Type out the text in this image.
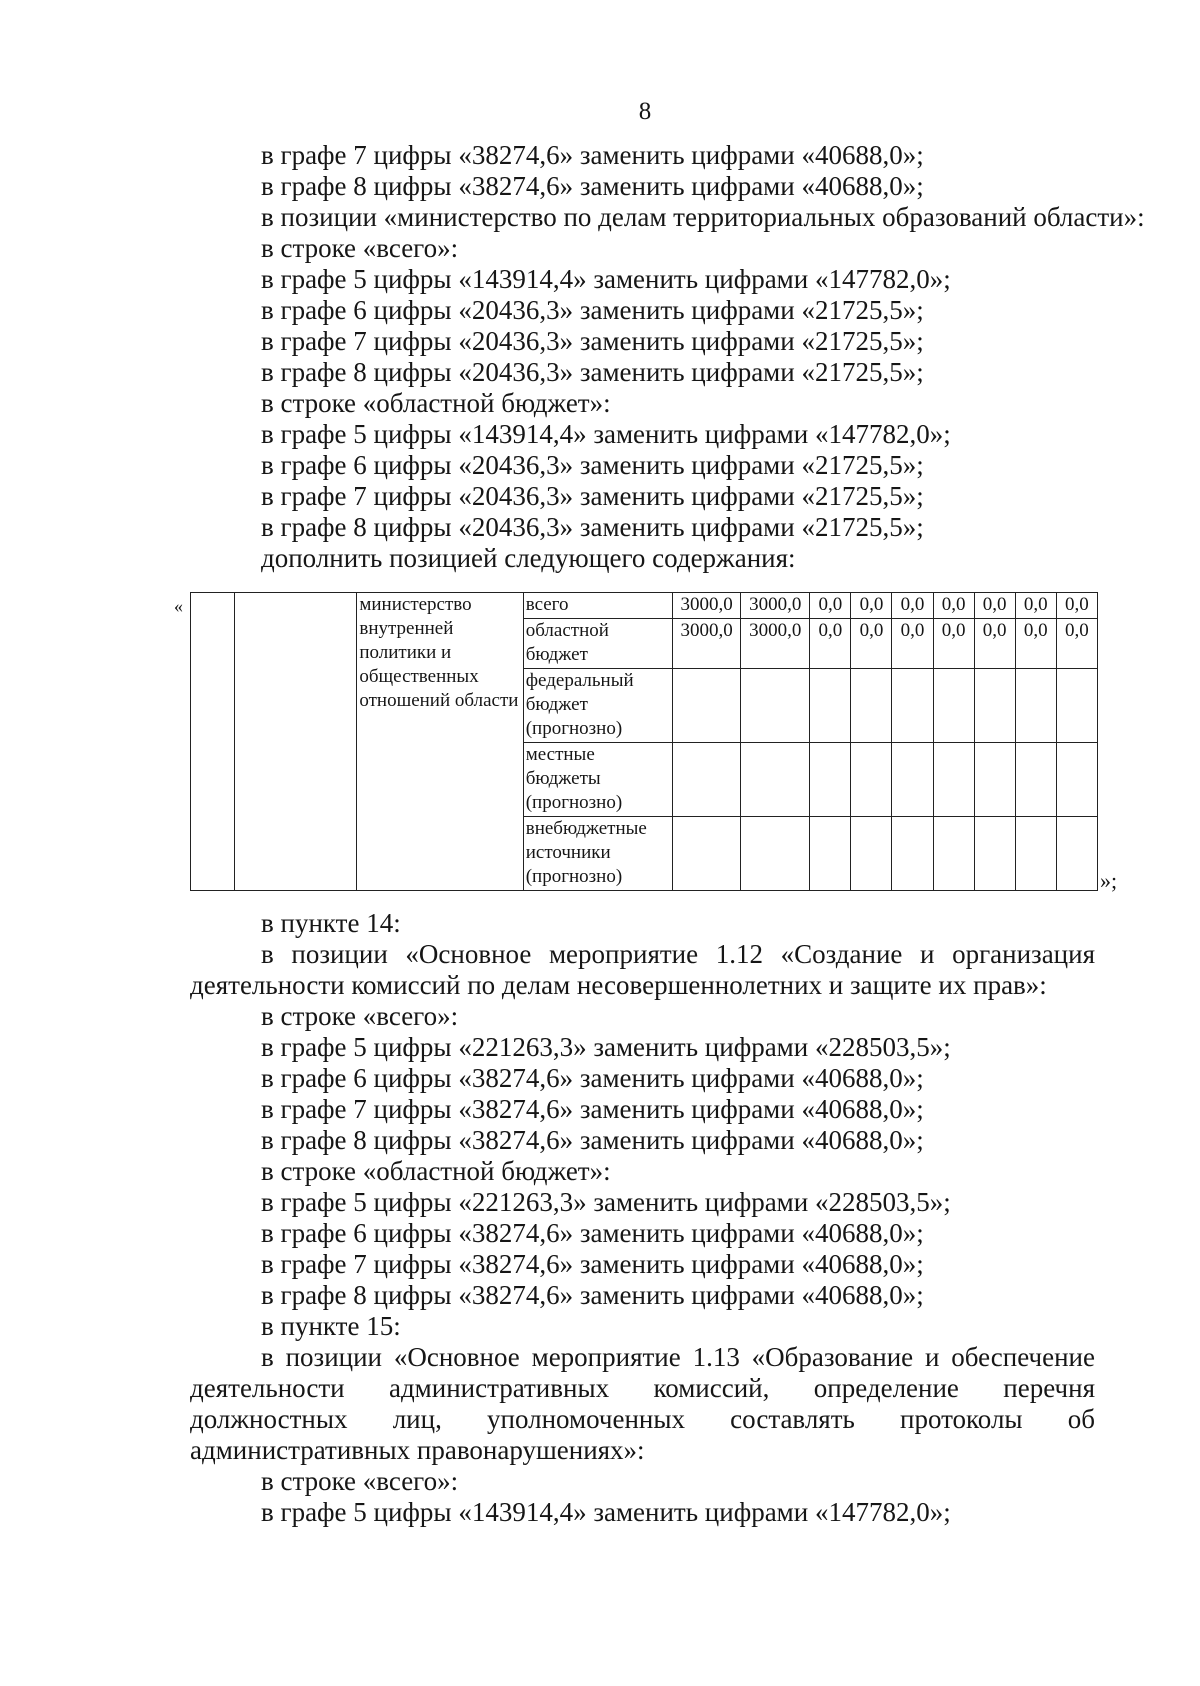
8

в графе 7 цифры «38274,6» заменить цифрами «40688,0»;

в графе 8 цифры «38274,6» заменить цифрами «40688,0»;

в позиции «министерство по делам территориальных образований области»:

в строке «всего»:

в графе 5 цифры «143914,4» заменить цифрами «147782,0»;

в графе 6 цифры «20436,3» заменить цифрами «21725,5»;

в графе 7 цифры «20436,3» заменить цифрами «21725,5»;

в графе 8 цифры «20436,3» заменить цифрами «21725,5»;

в строке «областной бюджет»:

в графе 5 цифры «143914,4» заменить цифрами «147782,0»;

в графе 6 цифры «20436,3» заменить цифрами «21725,5»;

в графе 7 цифры «20436,3» заменить цифрами «21725,5»;

в графе 8 цифры «20436,3» заменить цифрами «21725,5»;

дополнить позицией следующего содержания:

«
			министерство внутренней политики и общественных отношений области	всего	3000,0	3000,0	0,0	0,0	0,0	0,0	0,0	0,0	0,0
			областной бюджет	3000,0	3000,0	0,0	0,0	0,0	0,0	0,0	0,0	0,0
			федеральный бюджет (прогнозно)									
			местные бюджеты (прогнозно)									
			внебюджетные источники (прогнозно)										»;

в пункте 14:

в позиции «Основное мероприятие 1.12 «Создание и организация деятельности комиссий по делам несовершеннолетних и защите их прав»:

в строке «всего»:

в графе 5 цифры «221263,3» заменить цифрами «228503,5»;

в графе 6 цифры «38274,6» заменить цифрами «40688,0»;

в графе 7 цифры «38274,6» заменить цифрами «40688,0»;

в графе 8 цифры «38274,6» заменить цифрами «40688,0»;

в строке «областной бюджет»:

в графе 5 цифры «221263,3» заменить цифрами «228503,5»;

в графе 6 цифры «38274,6» заменить цифрами «40688,0»;

в графе 7 цифры «38274,6» заменить цифрами «40688,0»;

в графе 8 цифры «38274,6» заменить цифрами «40688,0»;

в пункте 15:

в позиции «Основное мероприятие 1.13 «Образование и обеспечение деятельности административных комиссий, определение перечня должностных лиц, уполномоченных составлять протоколы об административных правонарушениях»:

в строке «всего»:

в графе 5 цифры «143914,4» заменить цифрами «147782,0»;
